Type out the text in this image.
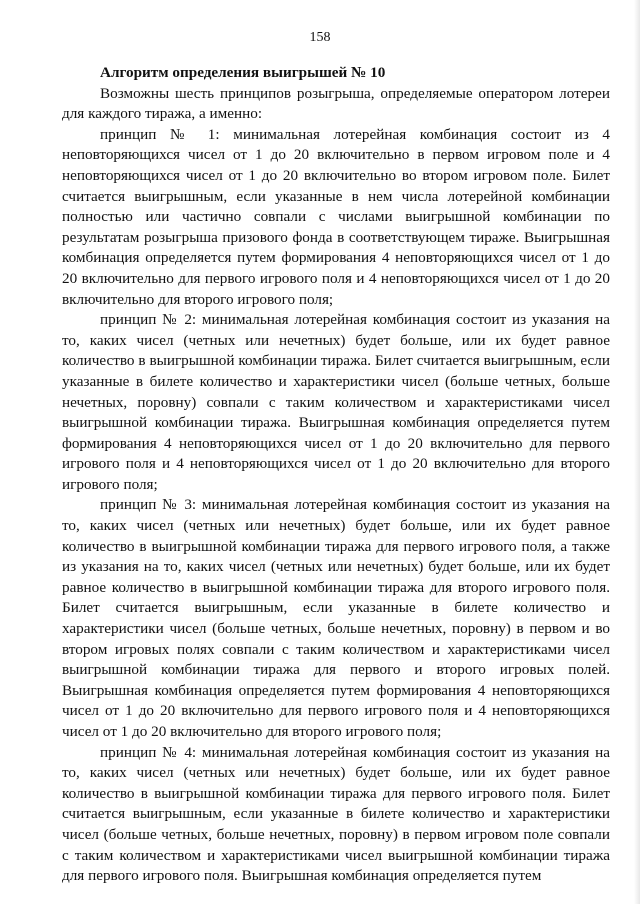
158

Алгоритм определения выигрышей № 10

Возможны шесть принципов розыгрыша, определяемые оператором лотереи для каждого тиража, а именно:

принцип № 1: минимальная лотерейная комбинация состоит из 4 неповторяющихся чисел от 1 до 20 включительно в первом игровом поле и 4 неповторяющихся чисел от 1 до 20 включительно во втором игровом поле. Билет считается выигрышным, если указанные в нем числа лотерейной комбинации полностью или частично совпали с числами выигрышной комбинации по результатам розыгрыша призового фонда в соответствующем тираже. Выигрышная комбинация определяется путем формирования 4 неповторяющихся чисел от 1 до 20 включительно для первого игрового поля и 4 неповторяющихся чисел от 1 до 20 включительно для второго игрового поля;

принцип № 2: минимальная лотерейная комбинация состоит из указания на то, каких чисел (четных или нечетных) будет больше, или их будет равное количество в выигрышной комбинации тиража. Билет считается выигрышным, если указанные в билете количество и характеристики чисел (больше четных, больше нечетных, поровну) совпали с таким количеством и характеристиками чисел выигрышной комбинации тиража. Выигрышная комбинация определяется путем формирования 4 неповторяющихся чисел от 1 до 20 включительно для первого игрового поля и 4 неповторяющихся чисел от 1 до 20 включительно для второго игрового поля;

принцип № 3: минимальная лотерейная комбинация состоит из указания на то, каких чисел (четных или нечетных) будет больше, или их будет равное количество в выигрышной комбинации тиража для первого игрового поля, а также из указания на то, каких чисел (четных или нечетных) будет больше, или их будет равное количество в выигрышной комбинации тиража для второго игрового поля. Билет считается выигрышным, если указанные в билете количество и характеристики чисел (больше четных, больше нечетных, поровну) в первом и во втором игровых полях совпали с таким количеством и характеристиками чисел выигрышной комбинации тиража для первого и второго игровых полей. Выигрышная комбинация определяется путем формирования 4 неповторяющихся чисел от 1 до 20 включительно для первого игрового поля и 4 неповторяющихся чисел от 1 до 20 включительно для второго игрового поля;

принцип № 4: минимальная лотерейная комбинация состоит из указания на то, каких чисел (четных или нечетных) будет больше, или их будет равное количество в выигрышной комбинации тиража для первого игрового поля. Билет считается выигрышным, если указанные в билете количество и характеристики чисел (больше четных, больше нечетных, поровну) в первом игровом поле совпали с таким количеством и характеристиками чисел выигрышной комбинации тиража для первого игрового поля. Выигрышная комбинация определяется путем
